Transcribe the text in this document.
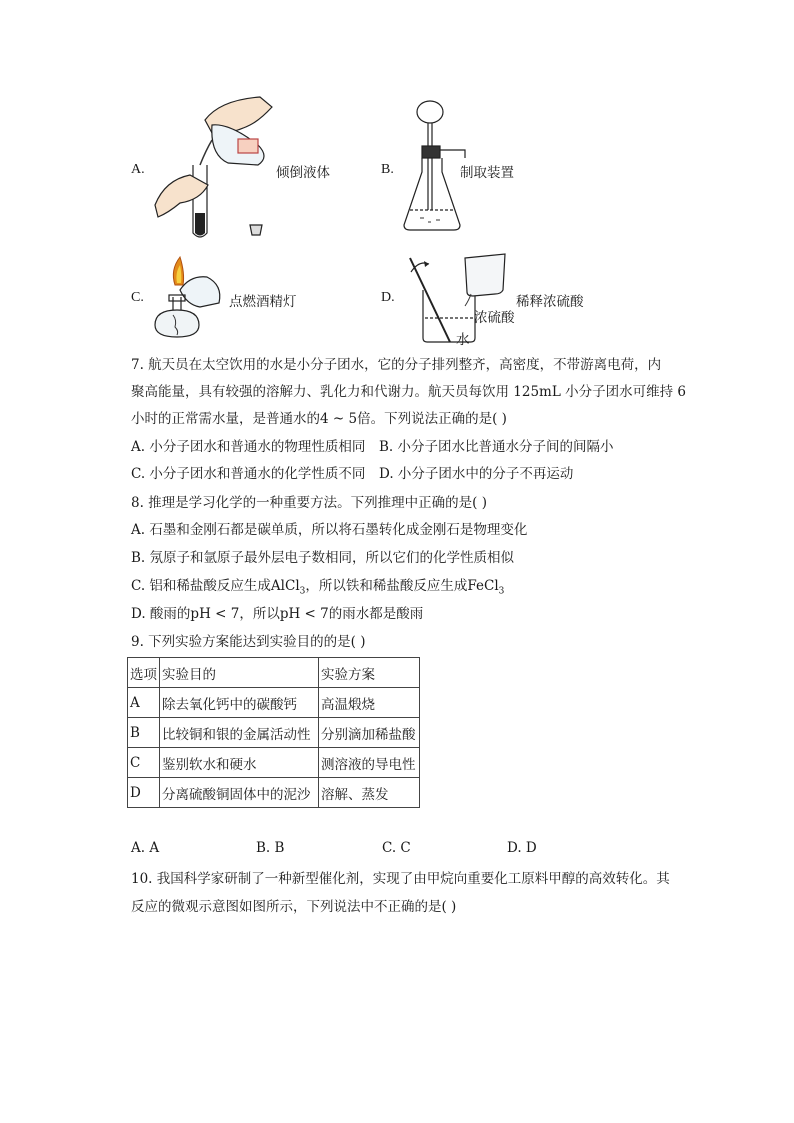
A.	倾倒液体	B.	制取装置
C.	点燃酒精灯	D.	稀释浓硫酸
浓硫酸
水
7. 航天员在太空饮用的水是小分子团水，它的分子排列整齐，高密度，不带游离电荷，内
聚高能量，具有较强的溶解力、乳化力和代谢力。航天员每饮用 125mL 小分子团水可维持 6
小时的正常需水量，是普通水的4 ~ 5倍。下列说法正确的是( )
A. 小分子团水和普通水的物理性质相同 B. 小分子团水比普通水分子间的间隔小
C. 小分子团水和普通水的化学性质不同 D. 小分子团水中的分子不再运动
8. 推理是学习化学的一种重要方法。下列推理中正确的是( )
A. 石墨和金刚石都是碳单质，所以将石墨转化成金刚石是物理变化
B. 氖原子和氩原子最外层电子数相同，所以它们的化学性质相似
C. 铝和稀盐酸反应生成AlCl$_3$，所以铁和稀盐酸反应生成FeCl$_3$
D. 酸雨的pH < 7，所以pH < 7的雨水都是酸雨
9. 下列实验方案能达到实验目的的是( )
选项	实验目的	实验方案
A	除去氧化钙中的碳酸钙	高温煅烧
B	比较铜和银的金属活动性	分别滴加稀盐酸
C	鉴别软水和硬水	测溶液的导电性
D	分离硫酸铜固体中的泥沙	溶解、蒸发
A. A	B. B	C. C	D. D
10. 我国科学家研制了一种新型催化剂，实现了由甲烷向重要化工原料甲醇的高效转化。其
反应的微观示意图如图所示，下列说法中不正确的是( )
